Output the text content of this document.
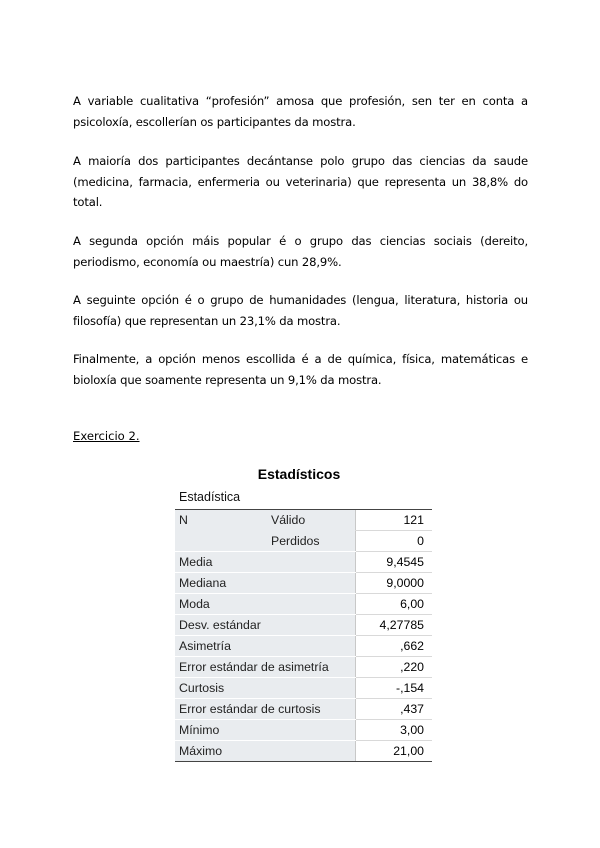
A variable cualitativa “profesión” amosa que profesión, sen ter en conta a psicoloxía, escollerían os participantes da mostra.

A maioría dos participantes decántanse polo grupo das ciencias da saude (medicina, farmacia, enfermeria ou veterinaria) que representa un 38,8% do total.

A segunda opción máis popular é o grupo das ciencias sociais (dereito, periodismo, economía ou maestría) cun 28,9%.

A seguinte opción é o grupo de humanidades (lengua, literatura, historia ou filosofía) que representan un 23,1% da mostra.

Finalmente, a opción menos escollida é a de química, física, matemáticas e bioloxía que soamente representa un 9,1% da mostra.

Exercicio 2.
Estadísticos
Estadística
N	Válido	121
	Perdidos	0
Media		9,4545
Mediana		9,0000
Moda		6,00
Desv. estándar		4,27785
Asimetría		,662
Error estándar de asimetría		,220
Curtosis		-,154
Error estándar de curtosis		,437
Mínimo		3,00
Máximo		21,00
